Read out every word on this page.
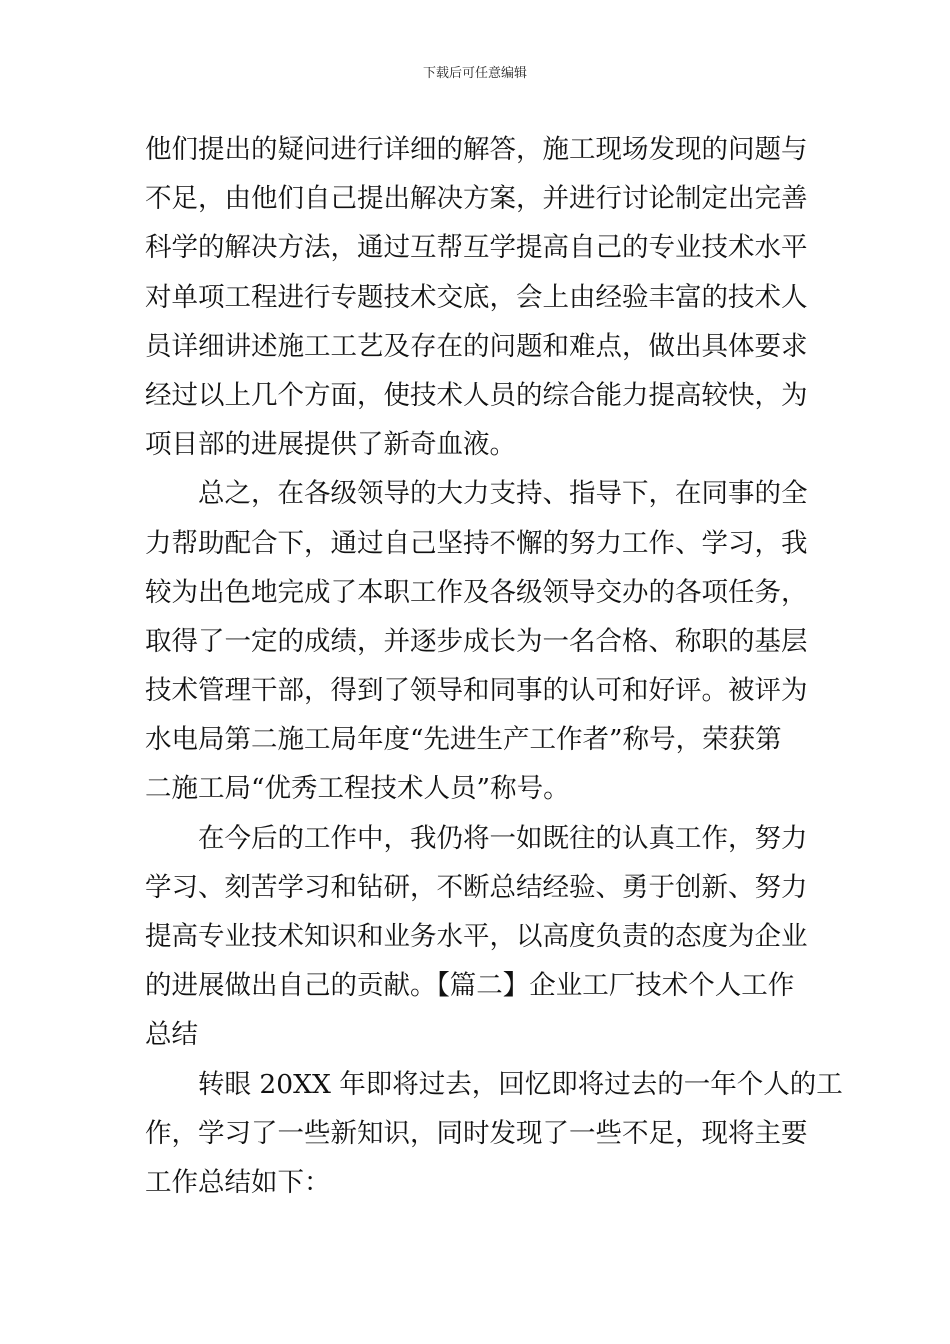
下载后可任意编辑
他们提出的疑问进行详细的解答，施工现场发现的问题与
不足，由他们自己提出解决方案，并进行讨论制定出完善
科学的解决方法，通过互帮互学提高自己的专业技术水平
对单项工程进行专题技术交底，会上由经验丰富的技术人
员详细讲述施工工艺及存在的问题和难点，做出具体要求
经过以上几个方面，使技术人员的综合能力提高较快，为
项目部的进展提供了新奇血液。
总之，在各级领导的大力支持、指导下，在同事的全
力帮助配合下，通过自己坚持不懈的努力工作、学习，我
较为出色地完成了本职工作及各级领导交办的各项任务，
取得了一定的成绩，并逐步成长为一名合格、称职的基层
技术管理干部，得到了领导和同事的认可和好评。被评为
水电局第二施工局年度“先进生产工作者”称号，荣获第
二施工局“优秀工程技术人员”称号。
在今后的工作中，我仍将一如既往的认真工作，努力
学习、刻苦学习和钻研，不断总结经验、勇于创新、努力
提高专业技术知识和业务水平，以高度负责的态度为企业
的进展做出自己的贡献。【篇二】企业工厂技术个人工作
总结
转眼 20XX 年即将过去，回忆即将过去的一年个人的工
作，学习了一些新知识，同时发现了一些不足，现将主要
工作总结如下：
